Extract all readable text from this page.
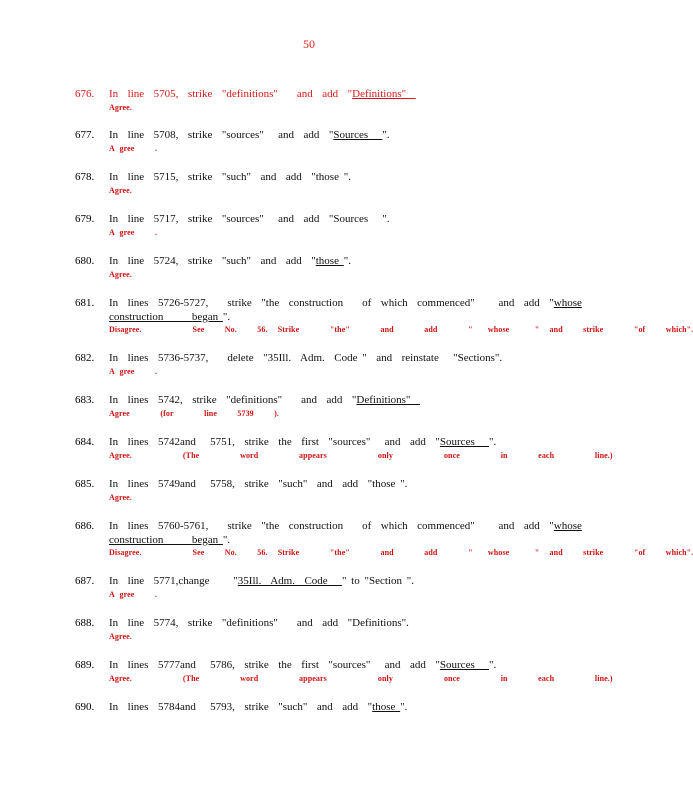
50
676. In  line  5705,  strike  "definitions"    and  add  "Definitions"
Agree.
677. In  line  5708,  strike  "sources"   and  add  "Sources   ".
A gree    .
678. In  line  5715,  strike  "such"  and  add  "those ".
Agree.
679. In  line  5717,  strike  "sources"   and  add  "Sources   ".
A gree    .
680. In  line  5724,  strike  "such"  and  add  "those ".
Agree.
681. In  lines  5726-5727,    strike  "the  construction    of  which  commenced"     and  add  "whose
construction      began ".
Disagree.          See    No.    56.  Strike      "the"      and      add      "   whose     "  and    strike      "of    which".
682. In  lines  5736-5737,    delete  "35Ill.  Adm.  Code "  and  reinstate   "Sections".
A gree    .
683. In  lines  5742,  strike  "definitions"    and  add  "Definitions"
Agree      (for      line    5739    ).
684. In  lines  5742and   5751,  strike  the  first  "sources"   and  add  "Sources   ".
Agree.          (The        word        appears          only          once        in      each        line.)
685. In  lines  5749and   5758,  strike  "such"  and  add  "those ".
Agree.
686. In  lines  5760-5761,    strike  "the  construction    of  which  commenced"     and  add  "whose
construction      began ".
Disagree.          See    No.    56.  Strike      "the"      and      add      "   whose     "  and    strike      "of    which".
687. In  line  5771,change     "35Ill.  Adm.  Code   " to "Section ".
A gree    .
688. In  line  5774,  strike  "definitions"    and  add  "Definitions".
Agree.
689. In  lines  5777and   5786,  strike  the  first  "sources"   and  add  "Sources   ".
Agree.          (The        word        appears          only          once        in      each        line.)
690. In  lines  5784and   5793,  strike  "such"  and  add  "those ".
